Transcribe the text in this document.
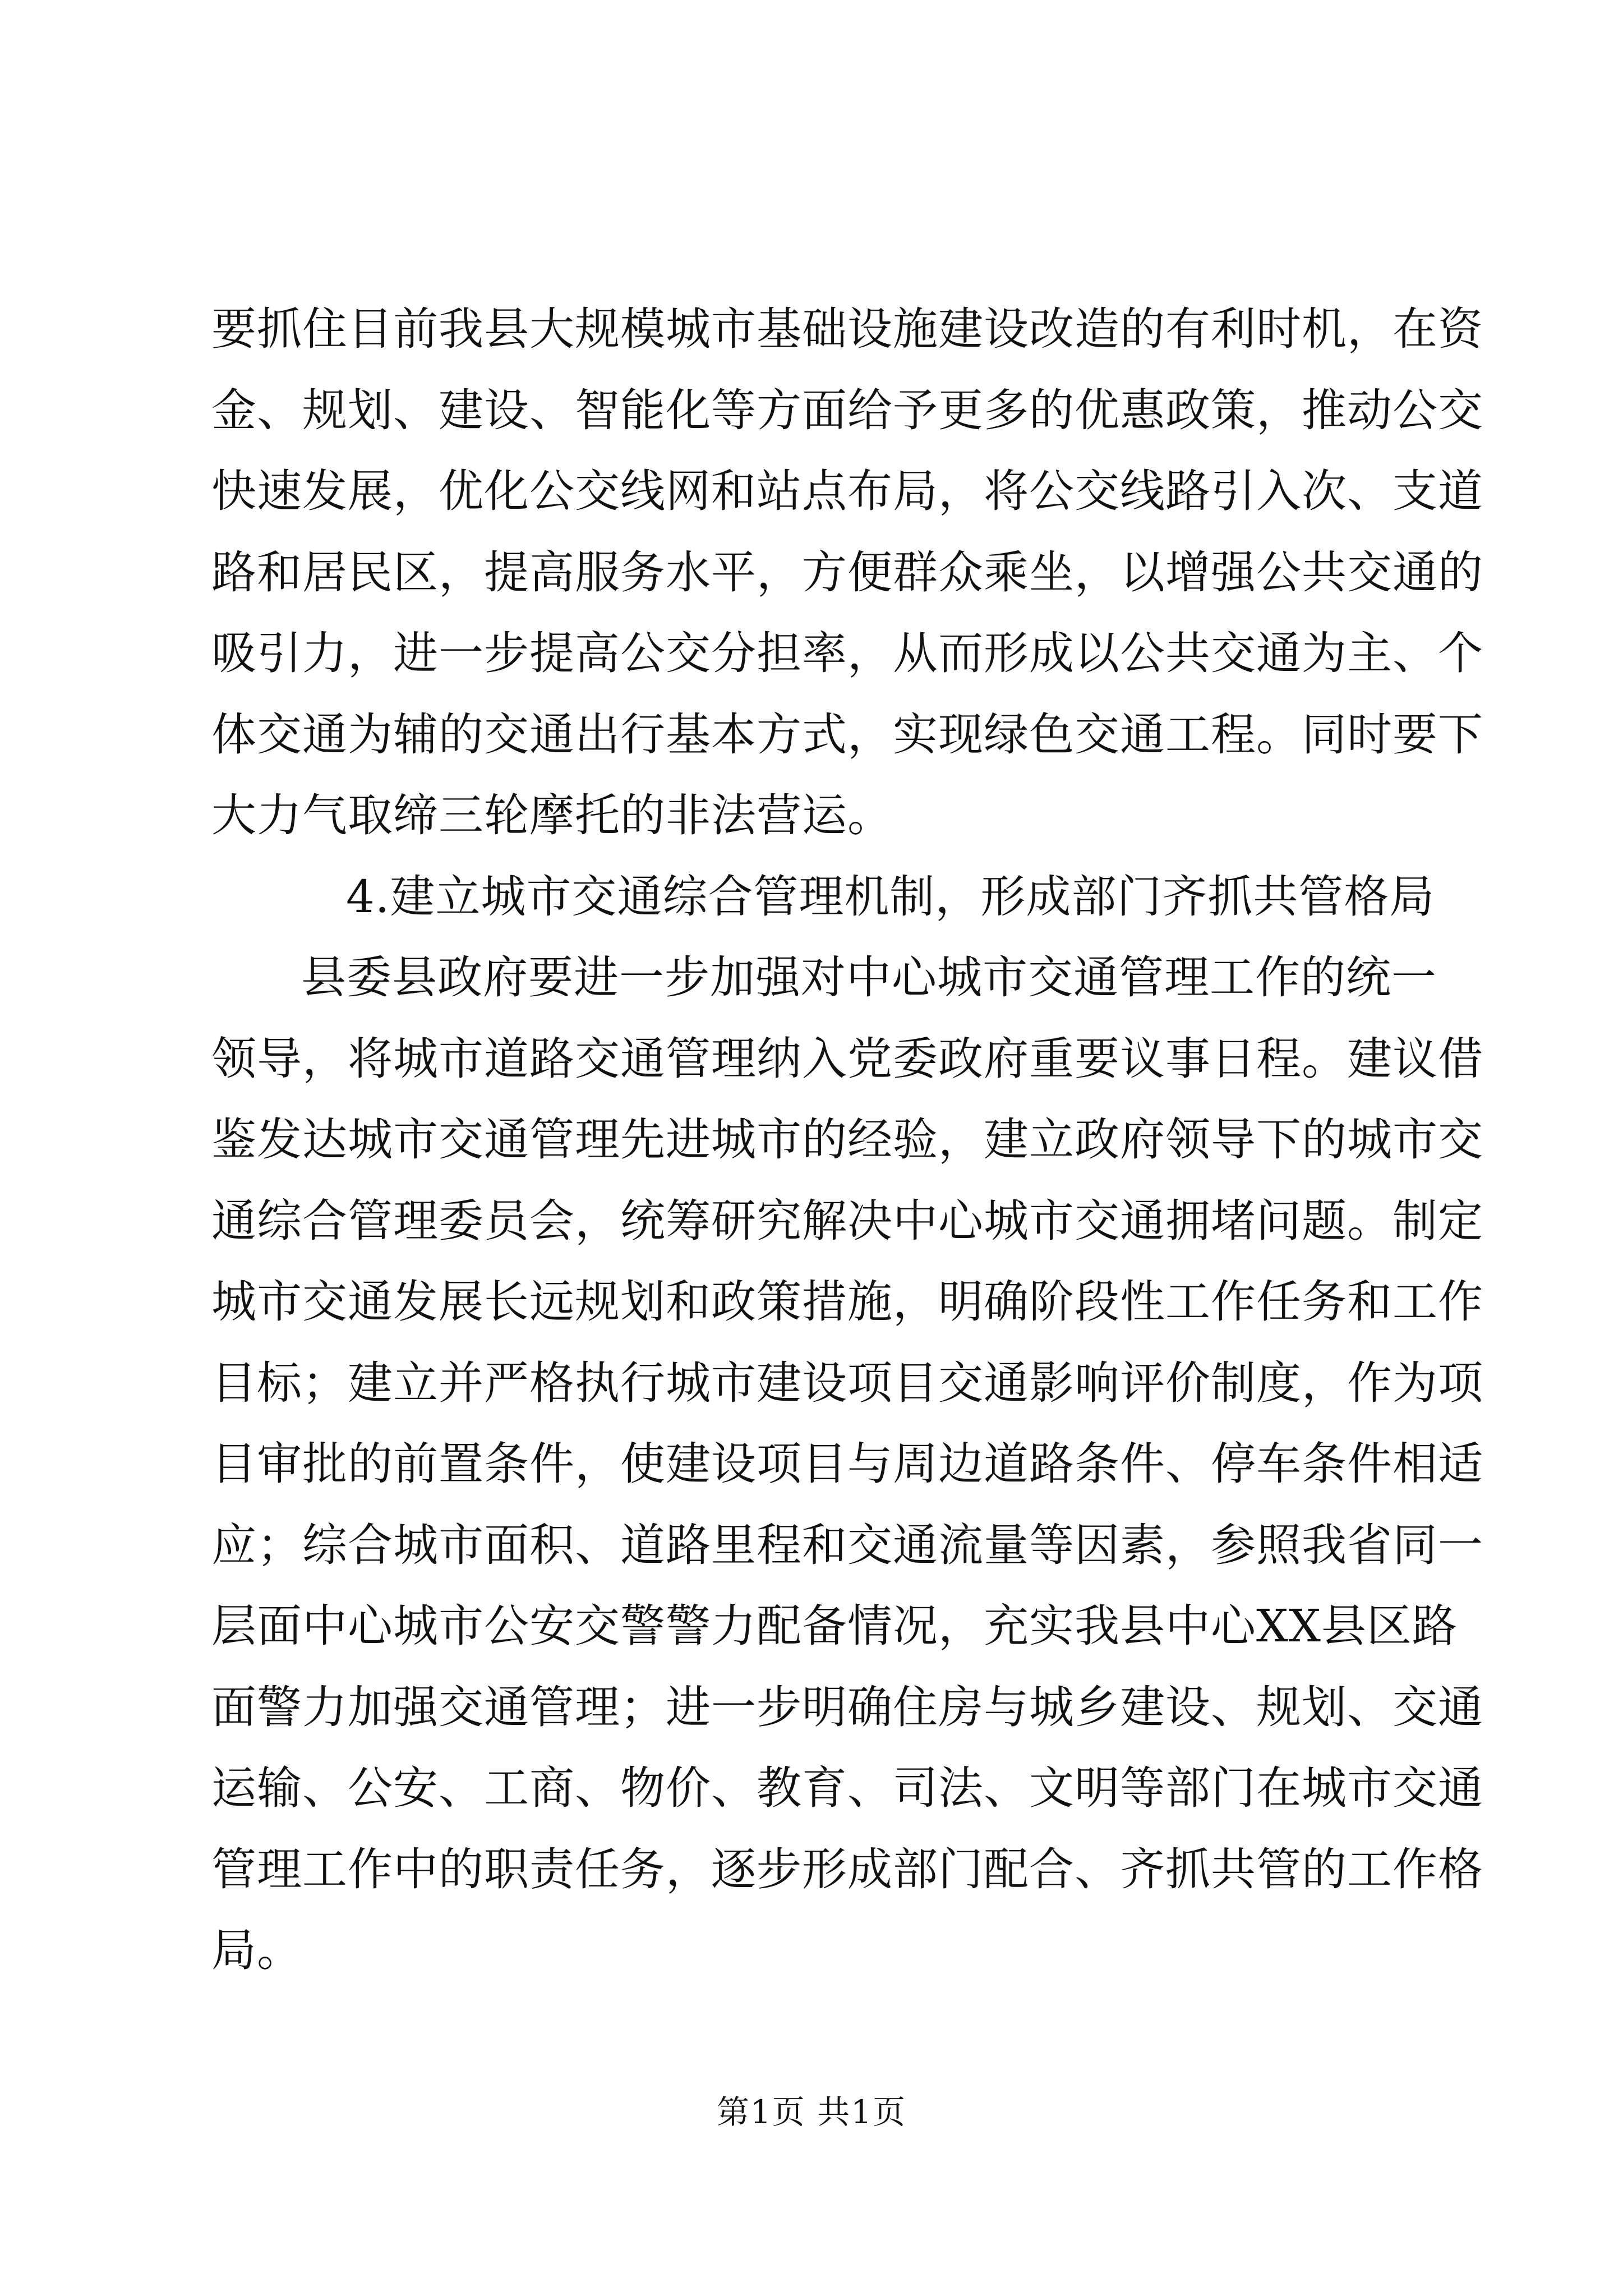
要抓住目前我县大规模城市基础设施建设改造的有利时机，在资
金、规划、建设、智能化等方面给予更多的优惠政策，推动公交
快速发展，优化公交线网和站点布局，将公交线路引入次、支道
路和居民区，提高服务水平，方便群众乘坐，以增强公共交通的
吸引力，进一步提高公交分担率，从而形成以公共交通为主、个
体交通为辅的交通出行基本方式，实现绿色交通工程。同时要下
大力气取缔三轮摩托的非法营运。
4.建立城市交通综合管理机制，形成部门齐抓共管格局
县委县政府要进一步加强对中心城市交通管理工作的统一
领导，将城市道路交通管理纳入党委政府重要议事日程。建议借
鉴发达城市交通管理先进城市的经验，建立政府领导下的城市交
通综合管理委员会，统筹研究解决中心城市交通拥堵问题。制定
城市交通发展长远规划和政策措施，明确阶段性工作任务和工作
目标；建立并严格执行城市建设项目交通影响评价制度，作为项
目审批的前置条件，使建设项目与周边道路条件、停车条件相适
应；综合城市面积、道路里程和交通流量等因素，参照我省同一
层面中心城市公安交警警力配备情况，充实我县中心XX县区路
面警力加强交通管理；进一步明确住房与城乡建设、规划、交通
运输、公安、工商、物价、教育、司法、文明等部门在城市交通
管理工作中的职责任务，逐步形成部门配合、齐抓共管的工作格
局。
第1页 共1页
